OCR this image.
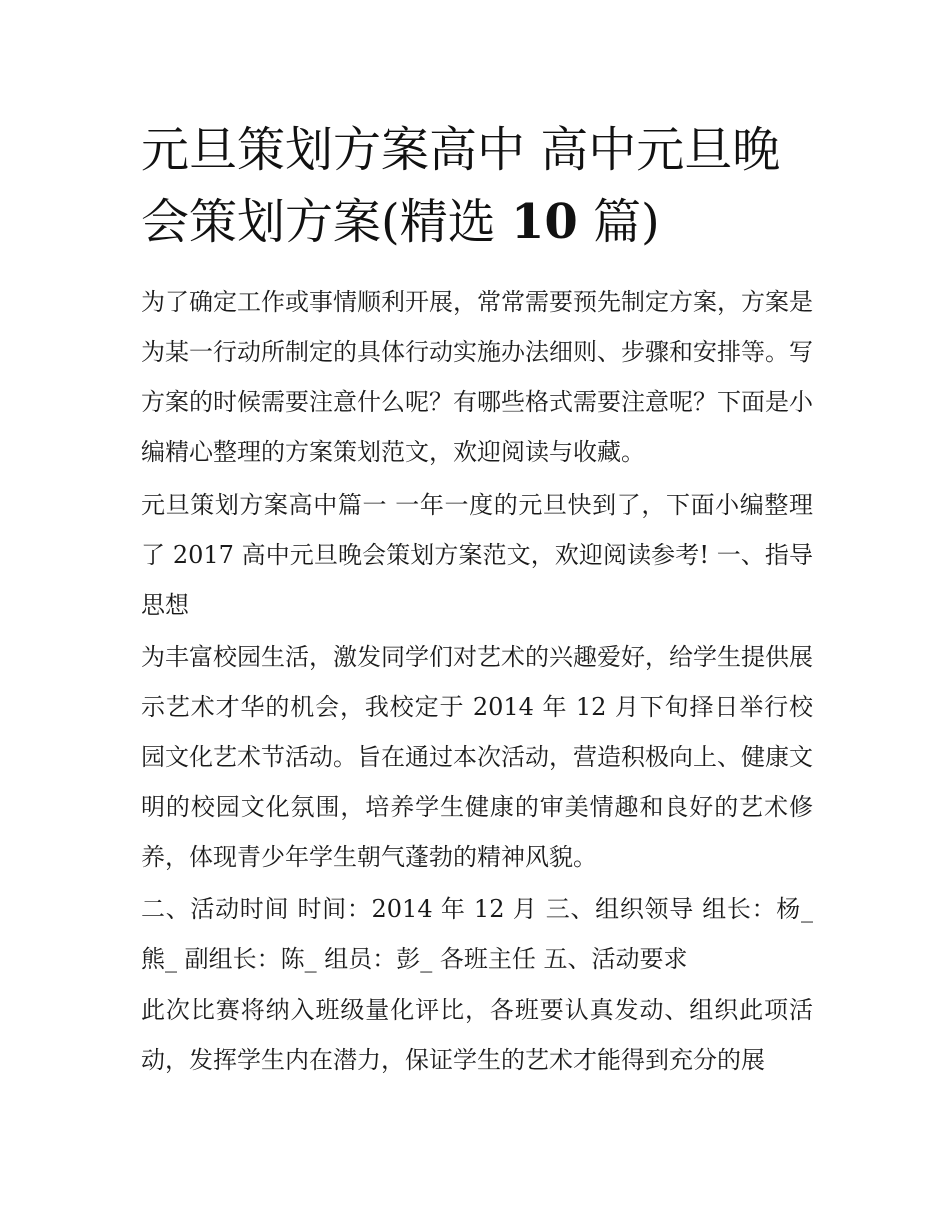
元旦策划方案高中 高中元旦晚会策划方案(精选 10 篇)

为了确定工作或事情顺利开展，常常需要预先制定方案，方案是为某一行动所制定的具体行动实施办法细则、步骤和安排等。写方案的时候需要注意什么呢？有哪些格式需要注意呢？下面是小编精心整理的方案策划范文，欢迎阅读与收藏。

元旦策划方案高中篇一 一年一度的元旦快到了，下面小编整理了 2017 高中元旦晚会策划方案范文，欢迎阅读参考! 一、指导思想

为丰富校园生活，激发同学们对艺术的兴趣爱好，给学生提供展示艺术才华的机会，我校定于 2014 年 12 月下旬择日举行校园文化艺术节活动。旨在通过本次活动，营造积极向上、健康文明的校园文化氛围，培养学生健康的审美情趣和良好的艺术修养，体现青少年学生朝气蓬勃的精神风貌。

二、活动时间 时间：2014 年 12 月 三、组织领导 组长：杨_ 熊_ 副组长：陈_ 组员：彭_ 各班主任 五、活动要求

此次比赛将纳入班级量化评比，各班要认真发动、组织此项活动，发挥学生内在潜力，保证学生的艺术才能得到充分的展
